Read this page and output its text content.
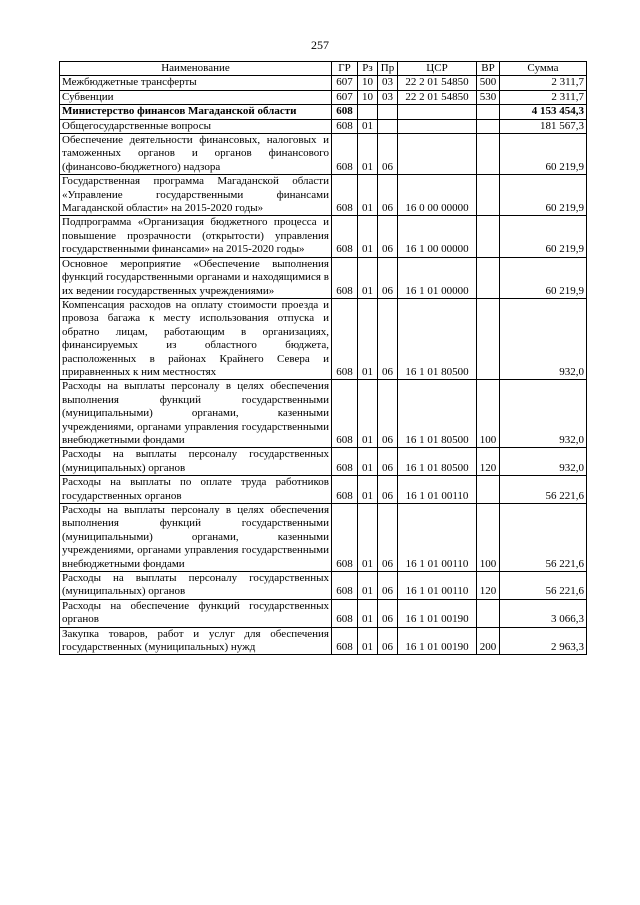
257
Наименование	ГР	Рз	Пр	ЦСР	ВР	Сумма
Межбюджетные трансферты	607	10	03	22 2 01 54850	500	2 311,7
Субвенции	607	10	03	22 2 01 54850	530	2 311,7
Министерство финансов Магаданской области	608					4 153 454,3
Общегосударственные вопросы	608	01				181 567,3
Обеспечение деятельности финансовых, налоговых и таможенных органов и органов финансового (финансово-бюджетного) надзора	608	01	06			60 219,9
Государственная программа Магаданской области «Управление государственными финансами Магаданской области» на 2015-2020 годы»	608	01	06	16 0 00 00000		60 219,9
Подпрограмма «Организация бюджетного процесса и повышение прозрачности (открытости) управления государственными финансами» на 2015-2020 годы»	608	01	06	16 1 00 00000		60 219,9
Основное мероприятие «Обеспечение выполнения функций государственными органами и находящимися в их ведении государственных учреждениями»	608	01	06	16 1 01 00000		60 219,9
Компенсация расходов на оплату стоимости проезда и провоза багажа к месту использования отпуска и обратно лицам, работающим в организациях, финансируемых из областного бюджета, расположенных в районах Крайнего Севера и приравненных к ним местностях	608	01	06	16 1 01 80500		932,0
Расходы на выплаты персоналу в целях обеспечения выполнения функций государственными (муниципальными) органами, казенными учреждениями, органами управления государственными внебюджетными фондами	608	01	06	16 1 01 80500	100	932,0
Расходы на выплаты персоналу государственных (муниципальных) органов	608	01	06	16 1 01 80500	120	932,0
Расходы на выплаты по оплате труда работников государственных органов	608	01	06	16 1 01 00110		56 221,6
Расходы на выплаты персоналу в целях обеспечения выполнения функций государственными (муниципальными) органами, казенными учреждениями, органами управления государственными внебюджетными фондами	608	01	06	16 1 01 00110	100	56 221,6
Расходы на выплаты персоналу государственных (муниципальных) органов	608	01	06	16 1 01 00110	120	56 221,6
Расходы на обеспечение функций государственных органов	608	01	06	16 1 01 00190		3 066,3
Закупка товаров, работ и услуг для обеспечения государственных (муниципальных) нужд	608	01	06	16 1 01 00190	200	2 963,3
